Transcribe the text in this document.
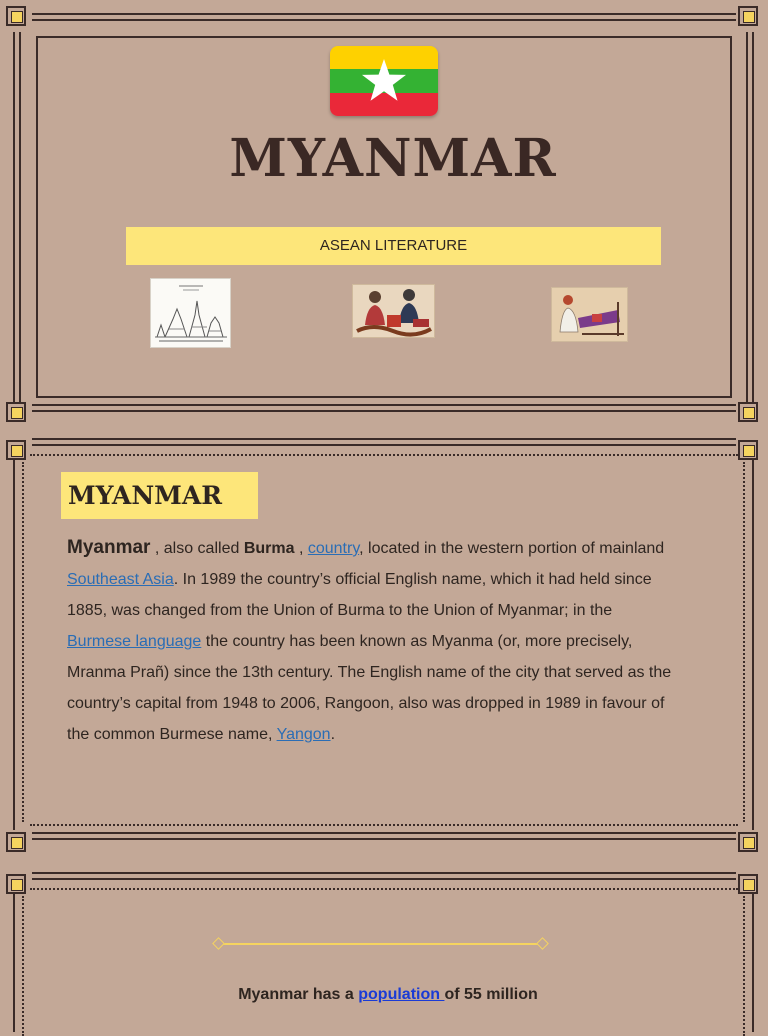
MYANMAR
ASEAN LITERATURE
MYANMAR
Myanmar , also called Burma , country, located in the western portion of mainland Southeast Asia. In 1989 the country’s official English name, which it had held since 1885, was changed from the Union of Burma to the Union of Myanmar; in the Burmese language the country has been known as Myanma (or, more precisely, Mranma Prañ) since the 13th century. The English name of the city that served as the country’s capital from 1948 to 2006, Rangoon, also was dropped in 1989 in favour of the common Burmese name, Yangon.
Myanmar has a population of 55 million
